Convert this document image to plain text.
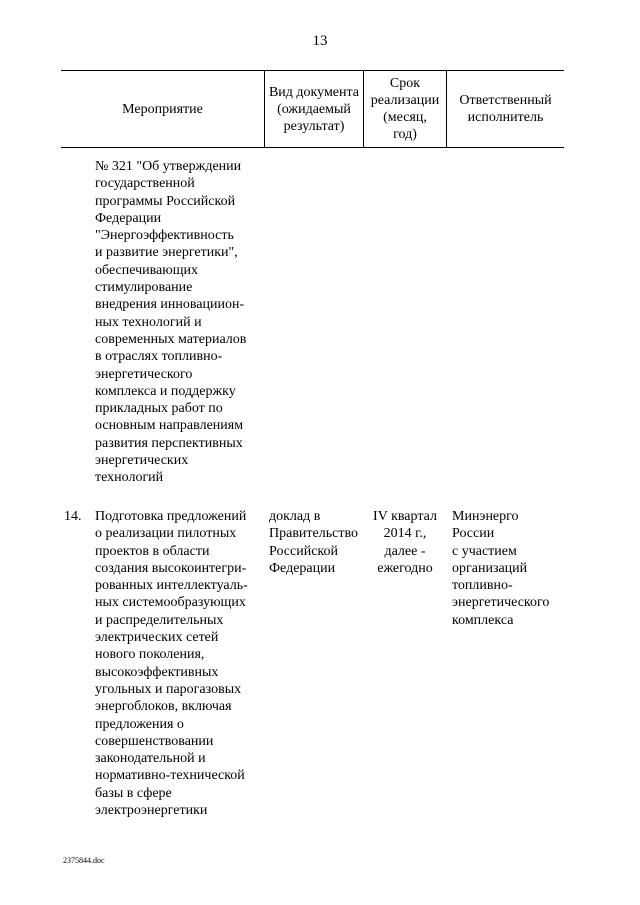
13
Мероприятие
Вид документа
(ожидаемый
результат)
Срок
реализации
(месяц,
год)
Ответственный
исполнитель
№ 321 "Об утверждении
государственной
программы Российской
Федерации
"Энергоэффективность
и развитие энергетики",
обеспечивающих
стимулирование
внедрения инновациион-
ных технологий и
современных материалов
в отраслях топливно-
энергетического
комплекса и поддержку
прикладных работ по
основным направлениям
развития перспективных
энергетических
технологий
14. Подготовка предложений
о реализации пилотных
проектов в области
создания высокоинтегри-
рованных интеллектуаль-
ных системообразующих
и распределительных
электрических сетей
нового поколения,
высокоэффективных
угольных и парогазовых
энергоблоков, включая
предложения о
совершенствовании
законодательной и
нормативно-технической
базы в сфере
электроэнергетики
доклад в
Правительство
Российской
Федерации
IV квартал
2014 г.,
далее -
ежегодно
Минэнерго
России
с участием
организаций
топливно-
энергетического
комплекса
2375844.doc
